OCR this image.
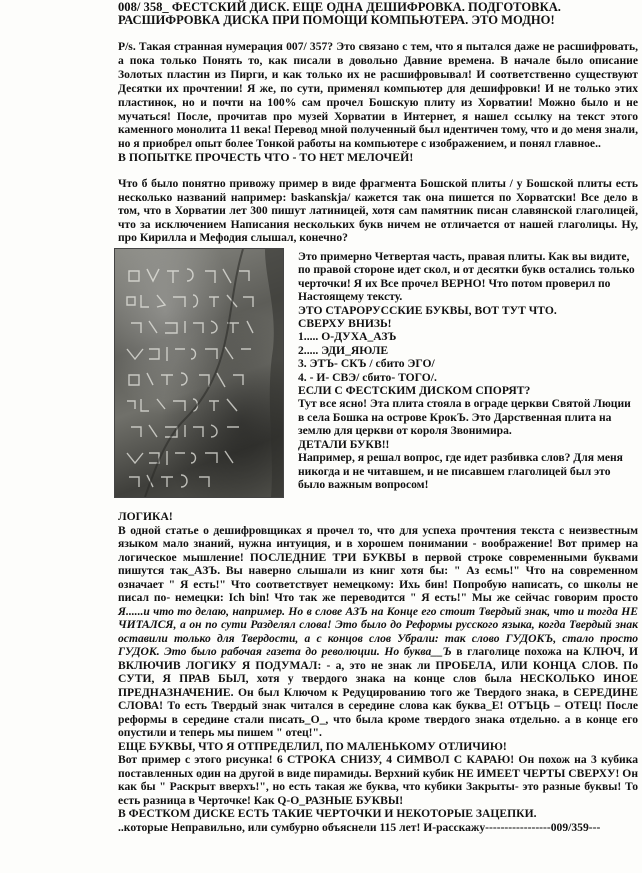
008/ 358_ ФЕСТСКИЙ ДИСК. ЕЩЕ ОДНА ДЕШИФРОВКА. ПОДГОТОВКА.
РАСШИФРОВКА ДИСКА ПРИ ПОМОЩИ КОМПЬЮТЕРА. ЭТО МОДНО!

P/s. Такая странная нумерация 007/ 357? Это связано с тем, что я пытался даже не расшифровать, а пока только Понять то, как писали в довольно Давние времена. В начале было описание Золотых пластин из Пирги, и как только их не расшифровывал! И соответственно существуют Десятки их прочтении! Я же, по сути, применял компьютер для дешифровки! И не только этих пластинок, но и почти на 100% сам прочел Бошскую плиту из Хорватии! Можно было и не мучаться! После, прочитав про музей Хорватии в Интернет, я нашел ссылку на текст этого каменного монолита 11 века! Перевод мной полученный был идентичен тому, что и до меня знали, но я приобрел опыт более Тонкой работы на компьютере с изображением, и понял главное..

В ПОПЫТКЕ ПРОЧЕСТЬ ЧТО - ТО НЕТ МЕЛОЧЕЙ!

Что б было понятно привожу пример в виде фрагмента Бошской плиты / у Бошской плиты есть несколько названий например: baskanskja/ кажется так она пишется по Хорватски! Все дело в том, что в Хорватии лет 300 пишут латиницей, хотя сам памятник писан славянской глаголицей, что за исключением Написания нескольких букв ничем не отличается от нашей глаголицы. Ну, про Кирилла и Мефодия слышал, конечно?

Это примерно Четвертая часть, правая плиты. Как вы видите, по правой стороне идет скол, и от десятки букв остались только черточки! Я их Все прочел ВЕРНО! Что потом проверил по Настоящему тексту.

ЭТО СТАРОРУССКИЕ БУКВЫ, ВОТ ТУТ ЧТО.

СВЕРХУ ВНИЗЬ!

1..... О-ДУХА_АЗЪ

2..... ЭДИ_ЯЮЛЕ

3. ЭТЪ- СКЪ / сбито ЭГО/

4. - И- СВЭ/ сбито- ТОГО/.

ЕСЛИ С ФЕСТСКИМ ДИСКОМ СПОРЯТ?

Тут все ясно! Эта плита стояла в ограде церкви Святой Люции в села Бошка на острове КрокЪ. Это Дарственная плита на землю для церкви от короля Звонимира.

ДЕТАЛИ БУКВ!!

Например, я решал вопрос, где идет разбивка слов? Для меня никогда и не читавшем, и не писавшем глаголицей был это было важным вопросом!

ЛОГИКА!

В одной статье о дешифровщиках я прочел то, что для успеха прочтения текста с неизвестным языком мало знаний, нужна интуиция, и в хорошем понимании - воображение! Вот пример на логическое мышление! ПОСЛЕДНИЕ ТРИ БУКВЫ в первой строке современными буквами пишутся так_АЗЪ. Вы наверно слышали из книг хотя бы: " Аз есмь!" Что на современном означает " Я есть!" Что соответствует немецкому: Ихь бин! Попробую написать, со школы не писал по- немецки: Ich bin! Что так же переводится " Я есть!" Мы же сейчас говорим просто Я......и что то делаю, например. Но в слове АЗЪ на Конце его стоит Твердый знак, что и тогда НЕ ЧИТАЛСЯ, а он по сути Разделял слова! Это было до Реформы русского языка, когда Твердый знак оставили только для Твердости, а с концов слов Убрали: так слово ГУДОКЪ, стало просто ГУДОК. Это было рабочая газета до революции. Но буква__Ъ в глаголице похожа на КЛЮЧ, И ВКЛЮЧИВ ЛОГИКУ Я ПОДУМАЛ: - а, это не знак ли ПРОБЕЛА, ИЛИ КОНЦА СЛОВ. По СУТИ, Я ПРАВ БЫЛ, хотя у твердого знака на конце слов была НЕСКОЛЬКО ИНОЕ ПРЕДНАЗНАЧЕНИЕ. Он был Ключом к Редуцированию того же Твердого знака, в СЕРЕДИНЕ СЛОВА! То есть Твердый знак читался в середине слова как буква_Е! ОТЪЦЬ – ОТЕЦ! После реформы в середине стали писать_О_, что была кроме твердого знака отдельно. а в конце его опустили и теперь мы пишем " отец!".

ЕЩЕ БУКВЫ, ЧТО Я ОТПРЕДЕЛИЛ, ПО МАЛЕНЬКОМУ ОТЛИЧИЮ!

Вот пример с этого рисунка! 6 СТРОКА СНИЗУ, 4 СИМВОЛ С КАРАЮ! Он похож на 3 кубика поставленных один на другой в виде пирамиды. Верхний кубик НЕ ИМЕЕТ ЧЕРТЫ СВЕРХУ! Он как бы " Раскрыт вверхъ!", но есть такая же буква, что кубики Закрыты- это разные буквы! То есть разница в Черточке! Как Q-O_РАЗНЫЕ БУКВЫ!

В ФЕСТКОМ ДИСКЕ ЕСТЬ ТАКИЕ ЧЕРТОЧКИ И НЕКОТОРЫЕ ЗАЦЕПКИ.

..которые Неправильно, или сумбурно объяснели 115 лет! И-расскажу-----------------009/359---
